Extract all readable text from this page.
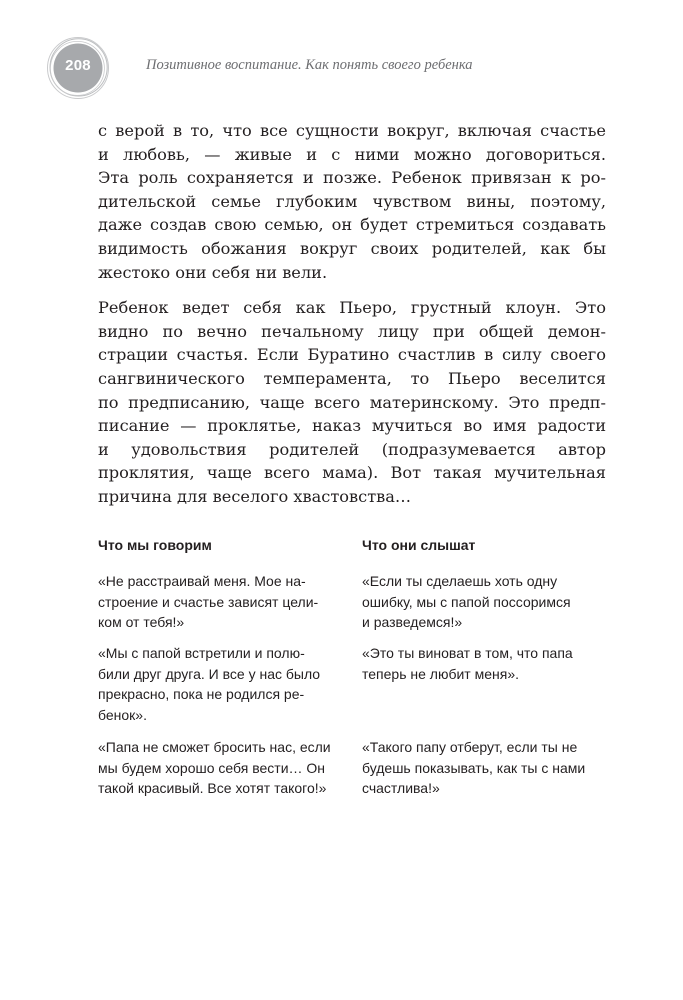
208	Позитивное воспитание. Как понять своего ребенка

с верой в то, что все сущности вокруг, включая счастье
и любовь, — живые и с ними можно договориться.
Эта роль сохраняется и позже. Ребенок привязан к ро-
дительской семье глубоким чувством вины, поэтому,
даже создав свою семью, он будет стремиться создавать
видимость обожания вокруг своих родителей, как бы
жестоко они себя ни вели.

Ребенок ведет себя как Пьеро, грустный клоун. Это
видно по вечно печальному лицу при общей демон-
страции счастья. Если Буратино счастлив в силу своего
сангвинического темперамента, то Пьеро веселится
по предписанию, чаще всего материнскому. Это предп-
писание — проклятье, наказ мучиться во имя радости
и удовольствия родителей (подразумевается автор
проклятия, чаще всего мама). Вот такая мучительная
причина для веселого хвастовства…

Что мы говорим

«Не расстраивай меня. Мое на-
строение и счастье зависят цели-
ком от тебя!»

«Мы с папой встретили и полю-
били друг друга. И все у нас было
прекрасно, пока не родился ре-
бенок».

«Папа не сможет бросить нас, если
мы будем хорошо себя вести… Он
такой красивый. Все хотят такого!»

Что они слышат

«Если ты сделаешь хоть одну
ошибку, мы с папой поссоримся
и разведемся!»

«Это ты виноват в том, что папа
теперь не любит меня».

«Такого папу отберут, если ты не
будешь показывать, как ты с нами
счастлива!»
